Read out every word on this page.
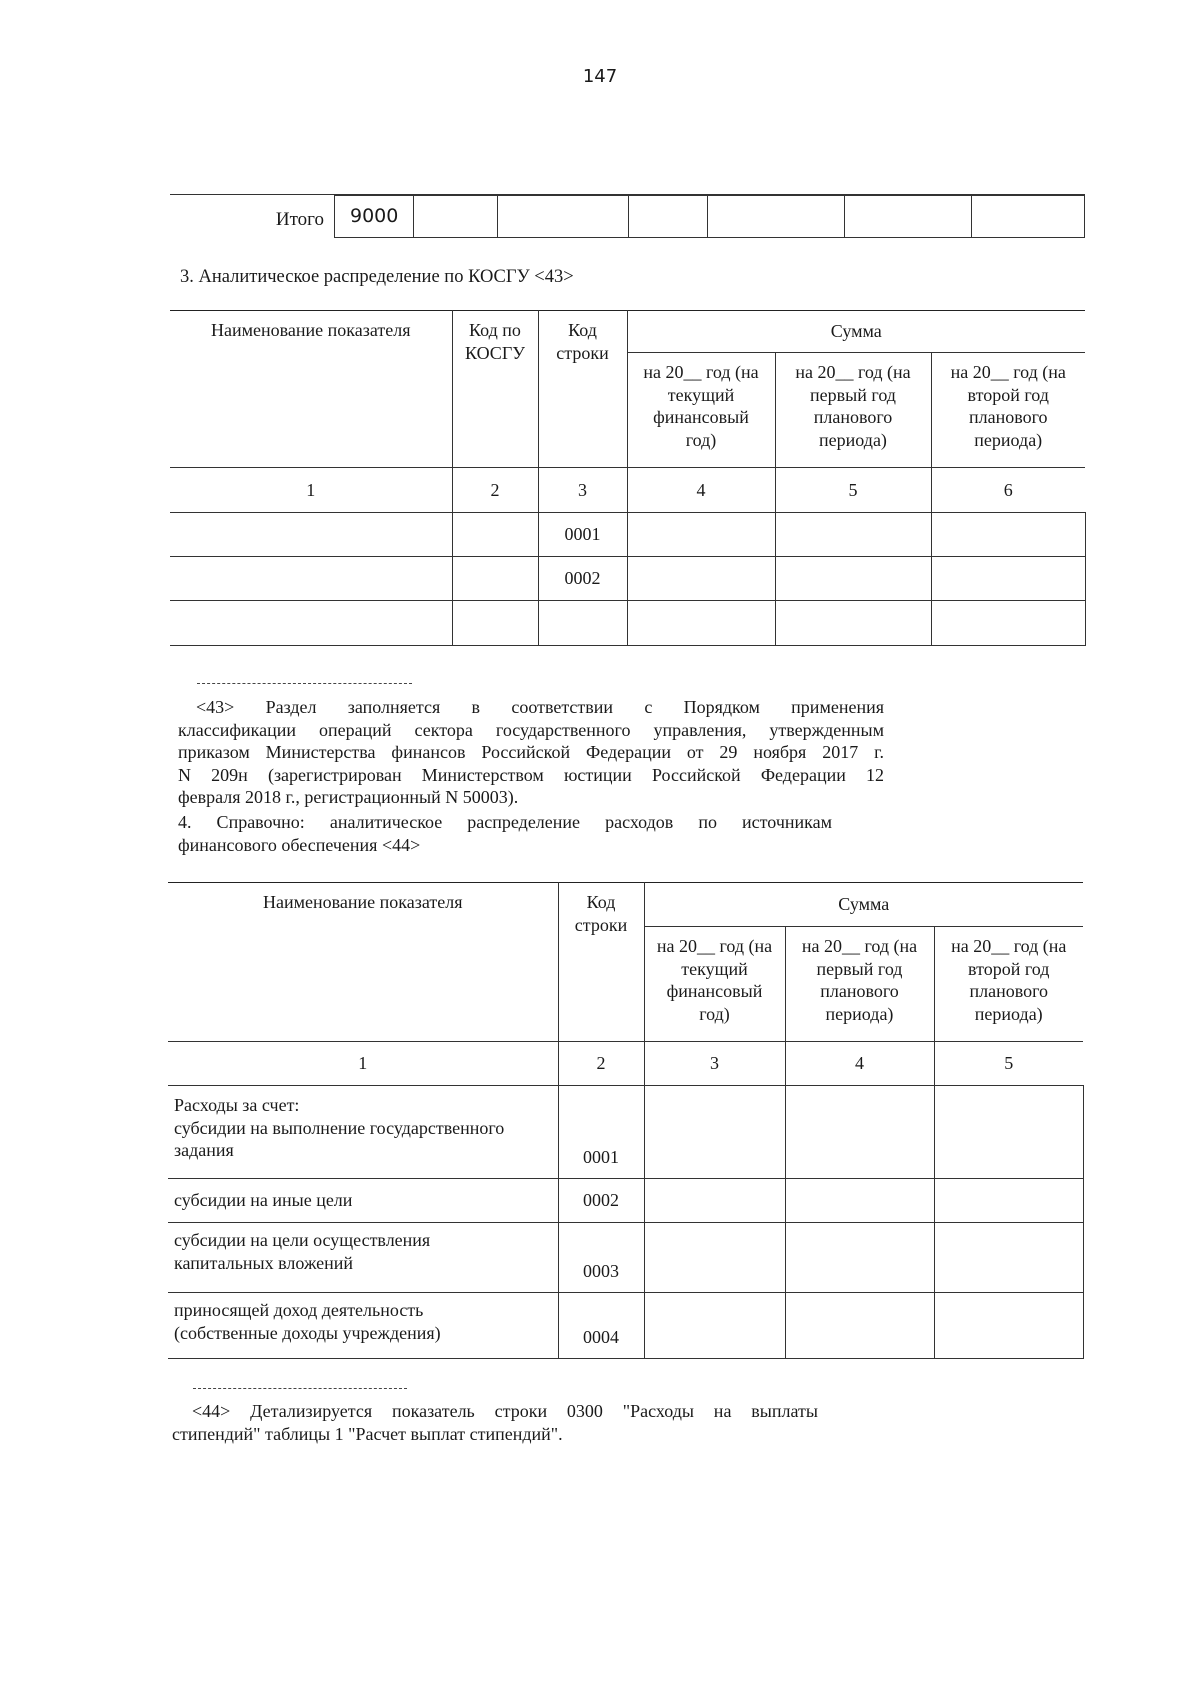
147
Итого	9000
3. Аналитическое распределение по КОСГУ <43>
Наименование показателя	Код по КОСГУ	Код строки	Сумма		

			на 20__ год (на текущий финансовый год)	на 20__ год (на первый год планового периода)	на 20__ год (на второй год планового периода)

1	2	3	4	5	6
		0001			
		0002			

<43> Раздел заполняется в соответствии с Порядком применения
классификации операций сектора государственного управления, утвержденным
приказом Министерства финансов Российской Федерации от 29 ноября 2017 г.
N 209н (зарегистрирован Министерством юстиции Российской Федерации 12
февраля 2018 г., регистрационный N 50003).
4. Справочно: аналитическое распределение расходов по источникам
финансового обеспечения <44>
Наименование показателя	Код строки	Сумма		

		на 20__ год (на текущий финансовый год)	на 20__ год (на первый год планового периода)	на 20__ год (на второй год планового периода)

1	2	3	4	5
Расходы за счет:
субсидии на выполнение государственного задания	0001			
субсидии на иные цели	0002			

субсидии на цели осуществления капитальных вложений	0003			

приносящей доход деятельность (собственные доходы учреждения)	0004			
<44> Детализируется показатель строки 0300 "Расходы на выплаты
стипендий" таблицы 1 "Расчет выплат стипендий".
